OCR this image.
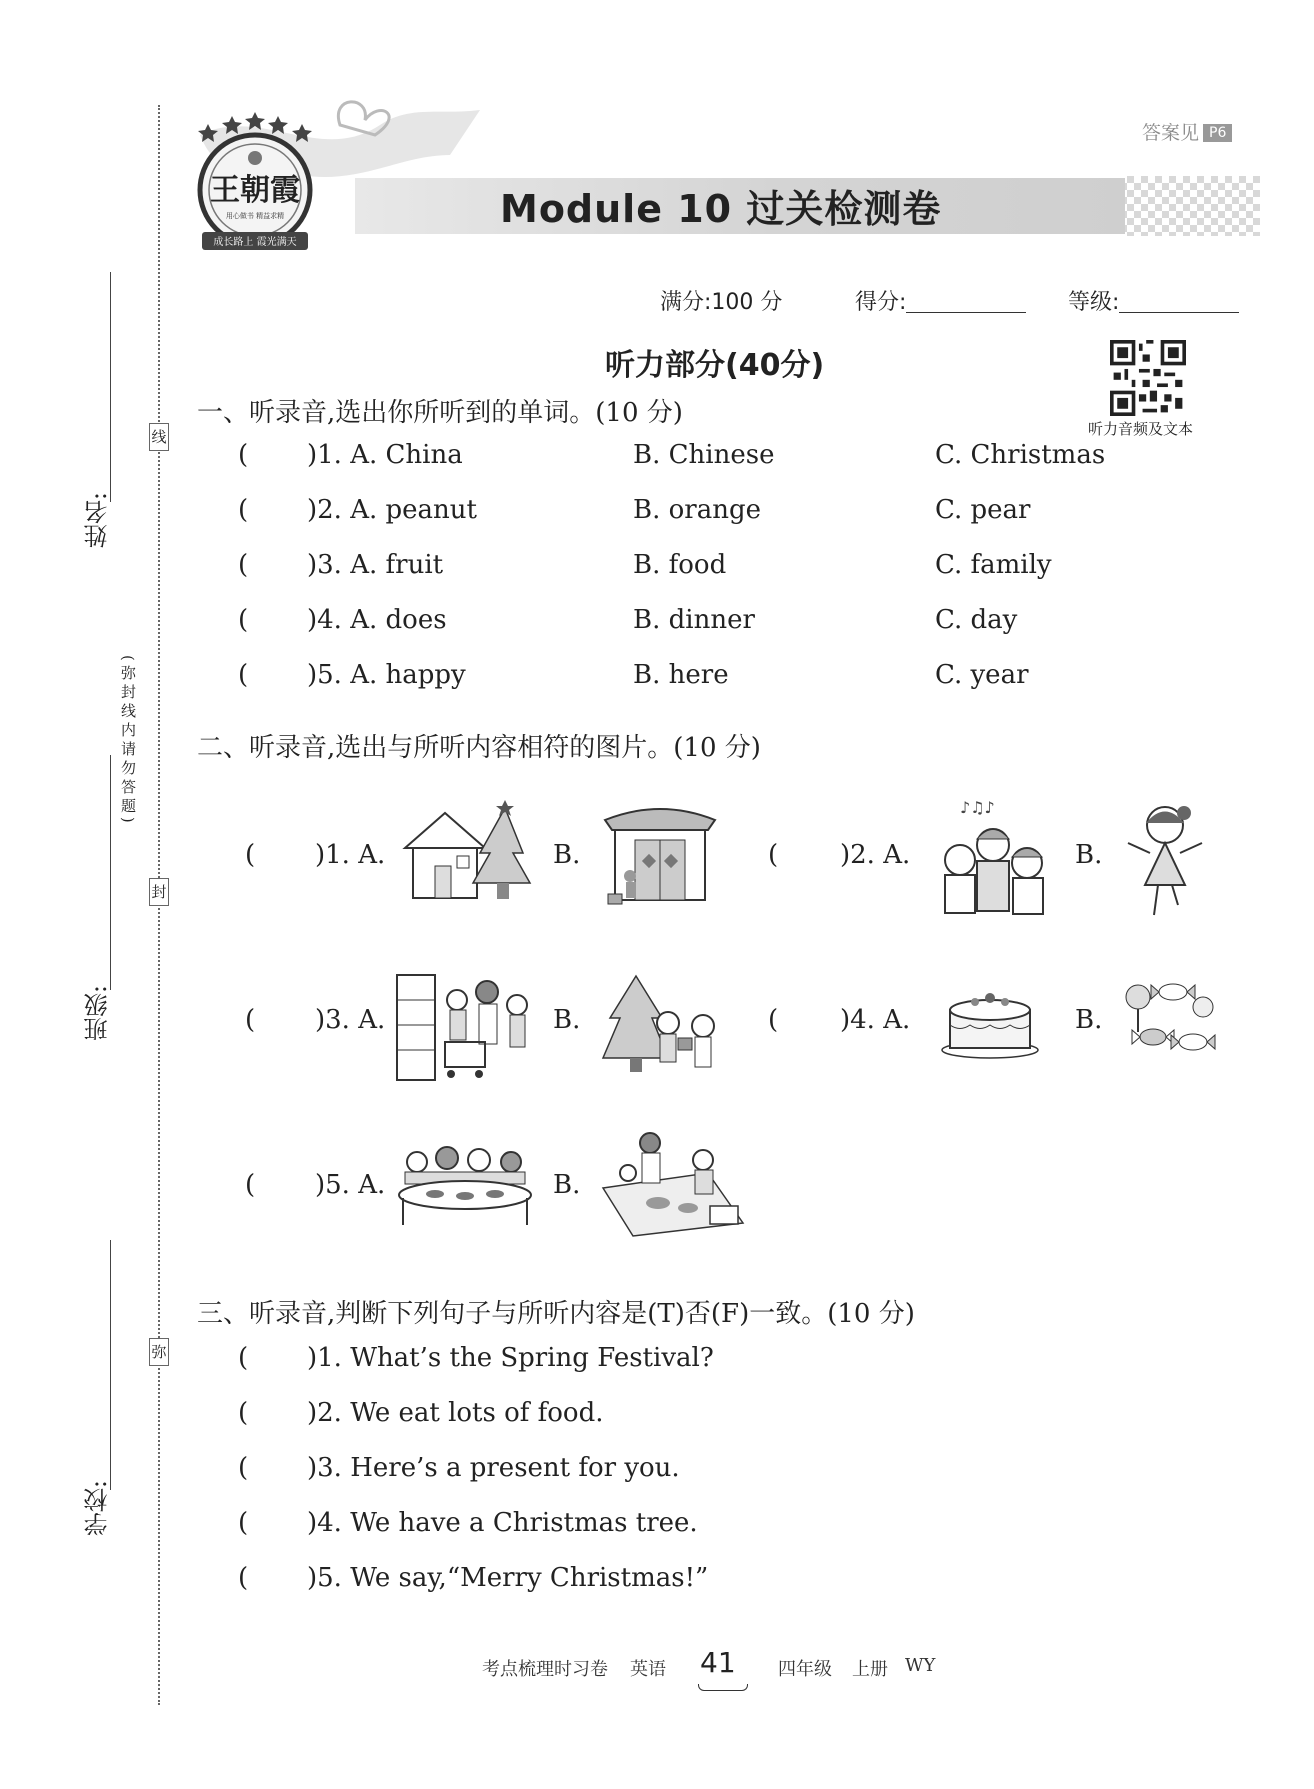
线
封
弥
(弥封线内请勿答题)
姓名:
班级:
学校:
王朝霞
用心做书 精益求精
成长路上 霞光满天
答案见 P6
Module 10 过关检测卷
满分:100 分	得分:	等级:
听力部分(40分)
听力音频及文本
一、听录音,选出你所听到的单词。(10 分)
( )1. A. China	B. Chinese	C. Christmas
( )2. A. peanut	B. orange	C. pear
( )3. A. fruit	B. food	C. family
( )4. A. does	B. dinner	C. day
( )5. A. happy	B. here	C. year
二、听录音,选出与所听内容相符的图片。(10 分)
( )1. A.	B.	( )2. A.
♪♫♪
B.
( )3. A.	B.	( )4. A.	B.
( )5. A.	B.
三、听录音,判断下列句子与所听内容是(T)否(F)一致。(10 分)
( )1. What’s the Spring Festival?
( )2. We eat lots of food.
( )3. Here’s a present for you.
( )4. We have a Christmas tree.
( )5. We say,“Merry Christmas!”
考点梳理时习卷 英语 41 四年级 上册 WY
